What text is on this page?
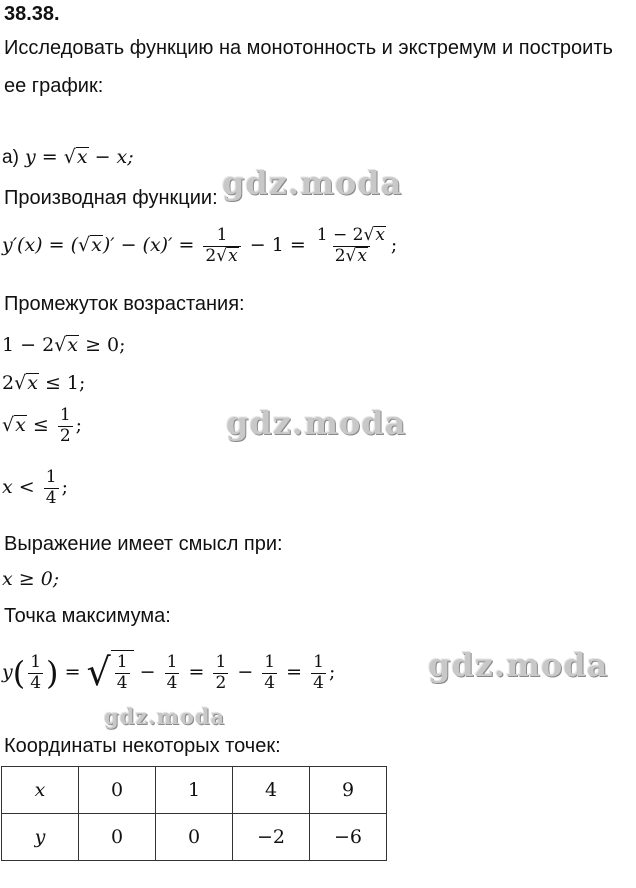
38.38.
Исследовать функцию на монотонность и экстремум и построить
ее график:
а) y = √x − x;
Производная функции:
$y'(x) = (√x)' - (x)' = \frac{1}{2√x} - 1 = \frac{1 - 2√x}{2√x}$ ;
Промежуток возрастания:
1 − 2√x ≥ 0;
2√x ≤ 1;
$√x \le \frac{1}{2}$ ;
$x < \frac{1}{4}$ ;
Выражение имеет смысл при:
x ≥ 0;
Точка максимума:
$y( \frac{1}{4}$ ) = √ $\frac{1}{4} - \frac{1}{4} = \frac{1}{2} - \frac{1}{4} = \frac{1}{4}$ ;
Координаты некоторых точек:
x	0	1	4	9
y	0	0	−2	−6
gdz.moda
gdz.moda
gdz.moda
gdz.moda
